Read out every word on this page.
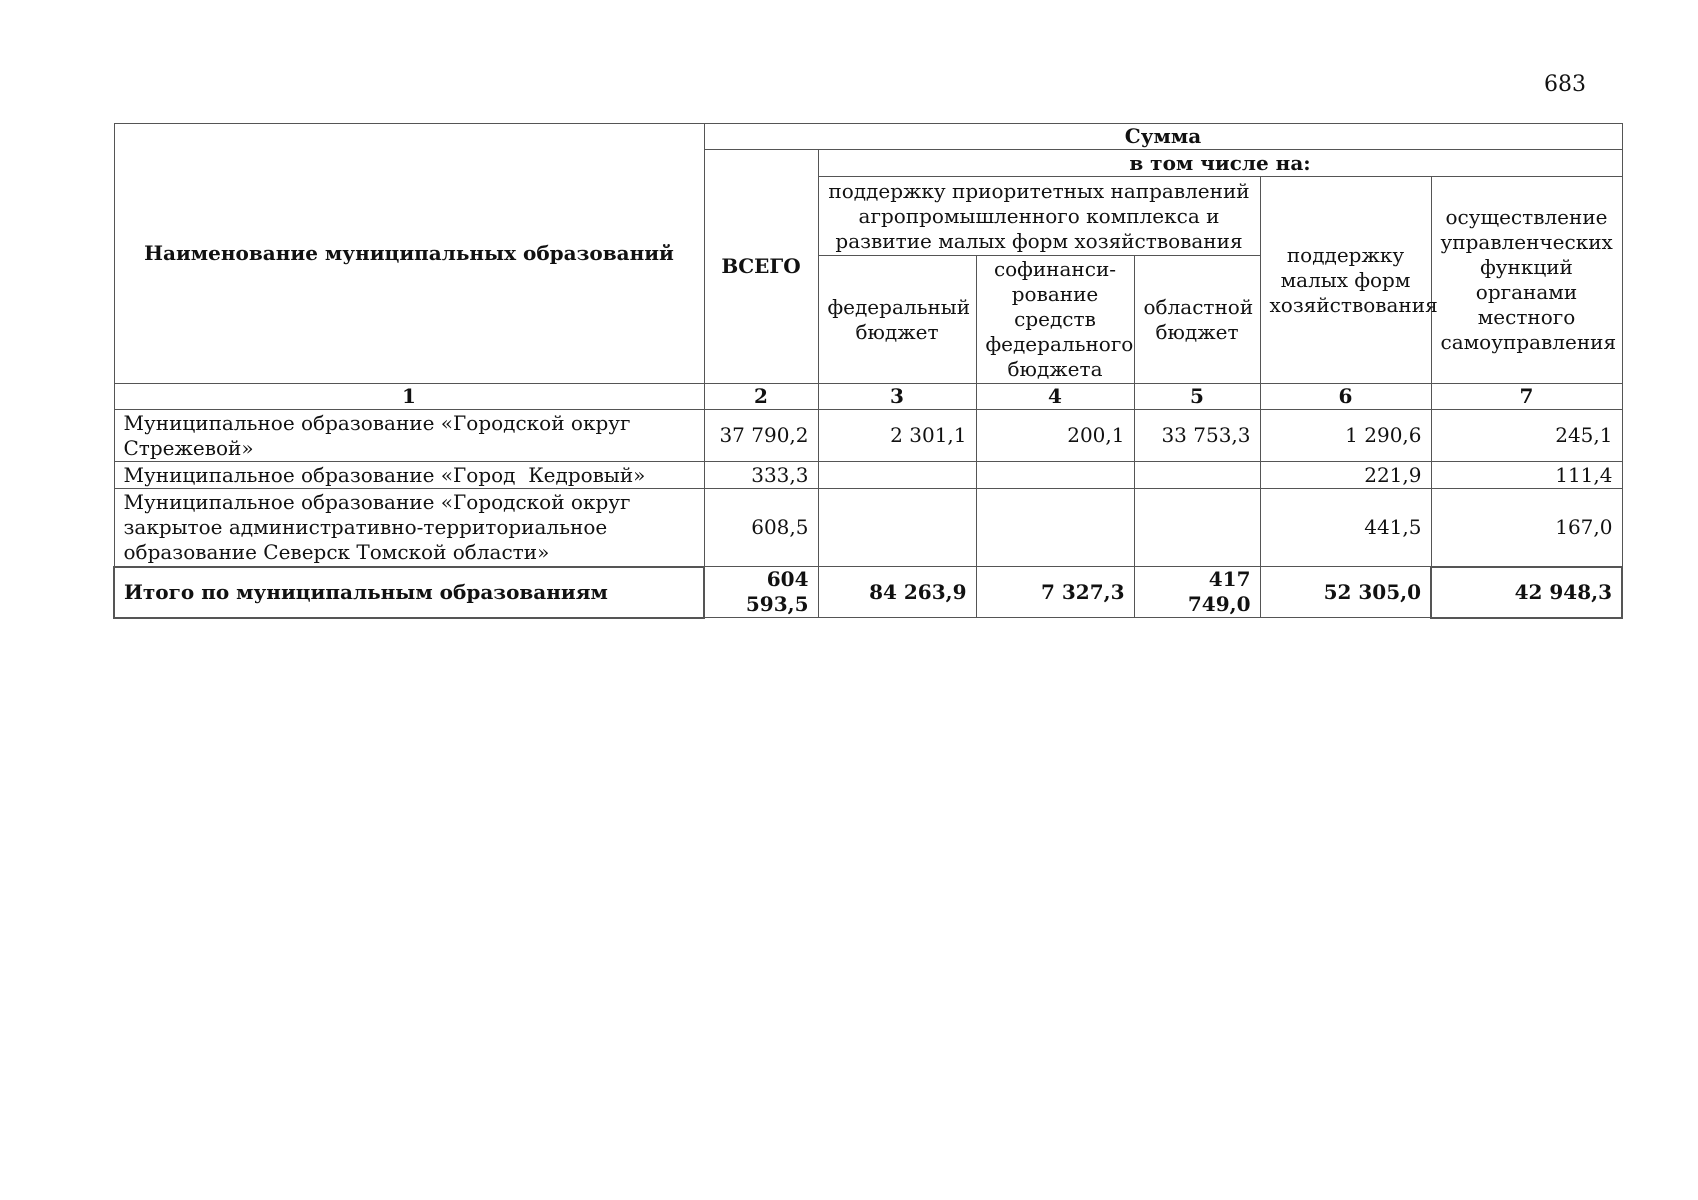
683
Наименование муниципальных образований	Сумма					
	ВСЕГО	в том числе на:				
		поддержку приоритетных направлений агропромышленного комплекса и развитие малых форм хозяйствования			поддержку малых форм хозяйствования	осуществление управленческих функций органами местного самоуправления
		федеральный бюджет	софинанси-рование средств федерального бюджета	областной бюджет		
1	2	3	4	5	6	7
Муниципальное образование «Городской округ Стрежевой»	37 790,2	2 301,1	200,1	33 753,3	1 290,6	245,1
Муниципальное образование «Город  Кедровый»	333,3				221,9	111,4
Муниципальное образование «Городской округ закрытое административно-территориальное образование Северск Томской области»	608,5				441,5	167,0
Итого по муниципальным образованиям	604 593,5	84 263,9	7 327,3	417 749,0	52 305,0	42 948,3
